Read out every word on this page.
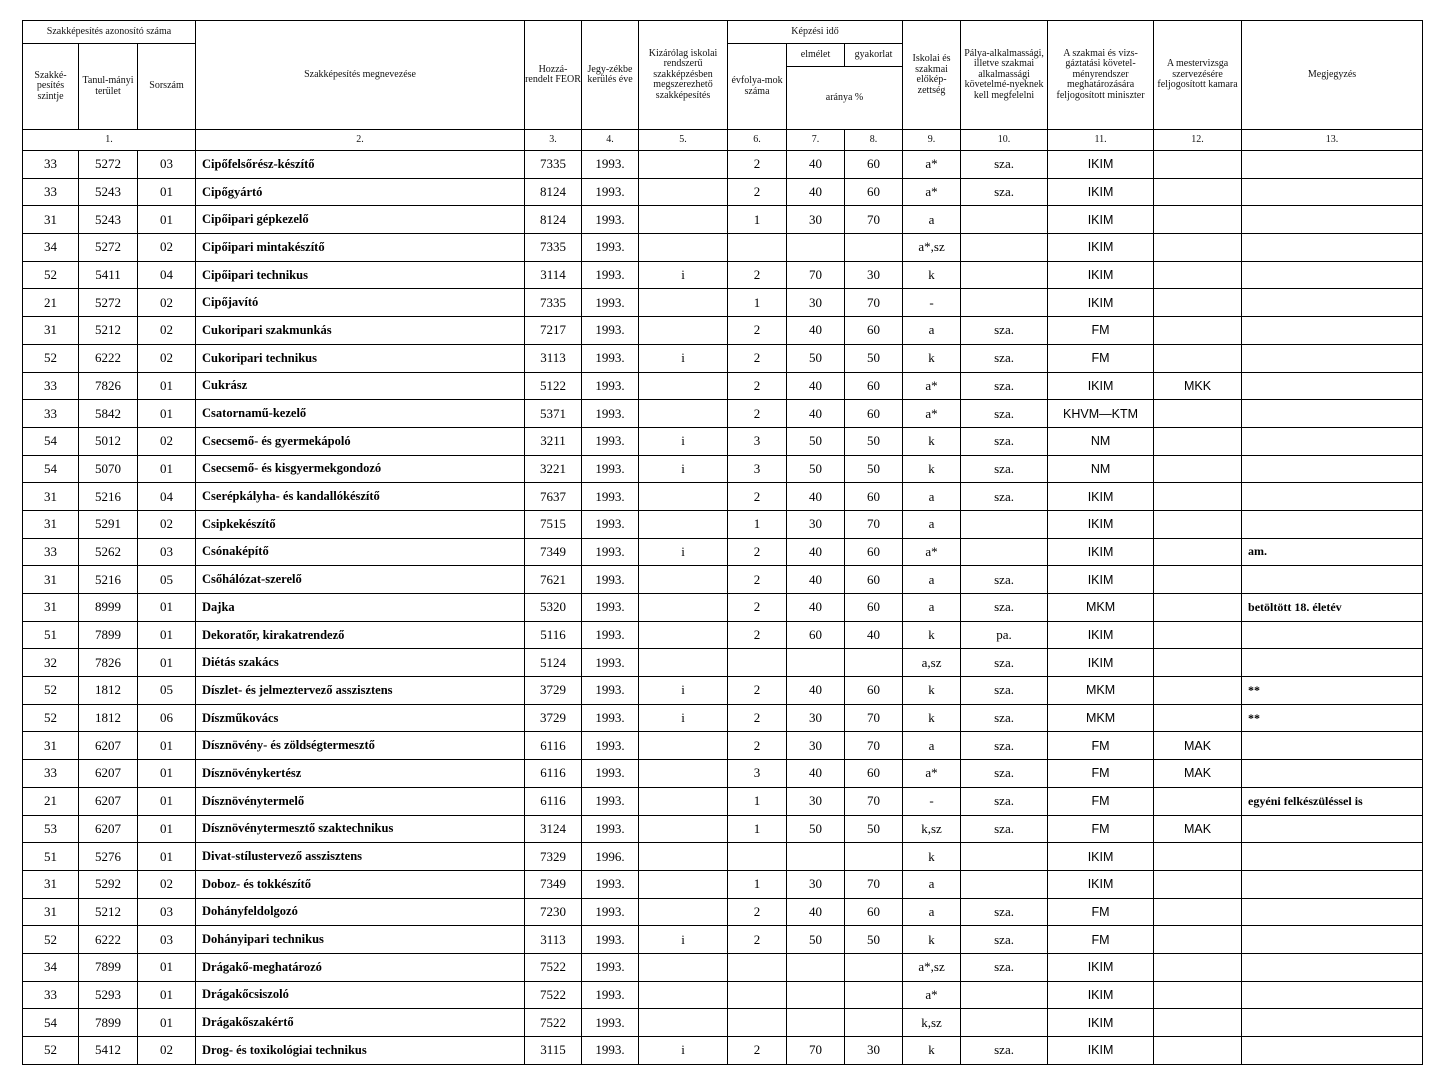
Szakképesítés azonosító száma			Szakképesítés megnevezése	Hozzá-rendelt FEOR	Jegy-zékbe kerülés éve	Kizárólag iskolai rendszerű szakképzésben megszerezhető szakképesítés	Képzési idő			Iskolai és szakmai előkép-zettség	Pálya-alkalmassági, illetve szakmai alkalmassági követelmé-nyeknek kell megfelelni	A szakmai és vizs-gáztatási követel-ményrendszer meghatározására feljogosított miniszter	A mestervizsga szervezésére feljogosított kamara	Megjegyzés
Szakké-pesítés szintje	Tanul-mányi terület	Sorszám					évfolya-mok száma	elmélet	gyakorlat					
								aránya %						
1.			2.	3.	4.	5.	6.	7.	8.	9.	10.	11.	12.	13.
33	5272	03	Cipőfelsőrész-készítő	7335	1993.		2	40	60	a*	sza.	IKIM		
33	5243	01	Cipőgyártó	8124	1993.		2	40	60	a*	sza.	IKIM		
31	5243	01	Cipőipari gépkezelő	8124	1993.		1	30	70	a		IKIM		
34	5272	02	Cipőipari mintakészítő	7335	1993.					a*,sz		IKIM		
52	5411	04	Cipőipari technikus	3114	1993.	i	2	70	30	k		IKIM		
21	5272	02	Cipőjavító	7335	1993.		1	30	70	-		IKIM		
31	5212	02	Cukoripari szakmunkás	7217	1993.		2	40	60	a	sza.	FM		
52	6222	02	Cukoripari technikus	3113	1993.	i	2	50	50	k	sza.	FM		
33	7826	01	Cukrász	5122	1993.		2	40	60	a*	sza.	IKIM	MKK	
33	5842	01	Csatornamű-kezelő	5371	1993.		2	40	60	a*	sza.	KHVM—KTM		
54	5012	02	Csecsemő- és gyermekápoló	3211	1993.	i	3	50	50	k	sza.	NM		
54	5070	01	Csecsemő- és kisgyermekgondozó	3221	1993.	i	3	50	50	k	sza.	NM		
31	5216	04	Cserépkályha- és kandallókészítő	7637	1993.		2	40	60	a	sza.	IKIM		
31	5291	02	Csipkekészítő	7515	1993.		1	30	70	a		IKIM		
33	5262	03	Csónaképítő	7349	1993.	i	2	40	60	a*		IKIM		am.
31	5216	05	Csőhálózat-szerelő	7621	1993.		2	40	60	a	sza.	IKIM		
31	8999	01	Dajka	5320	1993.		2	40	60	a	sza.	MKM		betöltött 18. életév
51	7899	01	Dekoratőr, kirakatrendező	5116	1993.		2	60	40	k	pa.	IKIM		
32	7826	01	Diétás szakács	5124	1993.					a,sz	sza.	IKIM		
52	1812	05	Díszlet- és jelmeztervező asszisztens	3729	1993.	i	2	40	60	k	sza.	MKM		**
52	1812	06	Díszműkovács	3729	1993.	i	2	30	70	k	sza.	MKM		**
31	6207	01	Dísznövény- és zöldségtermesztő	6116	1993.		2	30	70	a	sza.	FM	MAK	
33	6207	01	Dísznövénykertész	6116	1993.		3	40	60	a*	sza.	FM	MAK	
21	6207	01	Dísznövénytermelő	6116	1993.		1	30	70	-	sza.	FM		egyéni felkészüléssel is
53	6207	01	Dísznövénytermesztő szaktechnikus	3124	1993.		1	50	50	k,sz	sza.	FM	MAK	
51	5276	01	Divat-stílustervező asszisztens	7329	1996.					k		IKIM		
31	5292	02	Doboz- és tokkészítő	7349	1993.		1	30	70	a		IKIM		
31	5212	03	Dohányfeldolgozó	7230	1993.		2	40	60	a	sza.	FM		
52	6222	03	Dohányipari technikus	3113	1993.	i	2	50	50	k	sza.	FM		
34	7899	01	Drágakő-meghatározó	7522	1993.					a*,sz	sza.	IKIM		
33	5293	01	Drágakőcsiszoló	7522	1993.					a*		IKIM		
54	7899	01	Drágakőszakértő	7522	1993.					k,sz		IKIM		
52	5412	02	Drog- és toxikológiai technikus	3115	1993.	i	2	70	30	k	sza.	IKIM		
